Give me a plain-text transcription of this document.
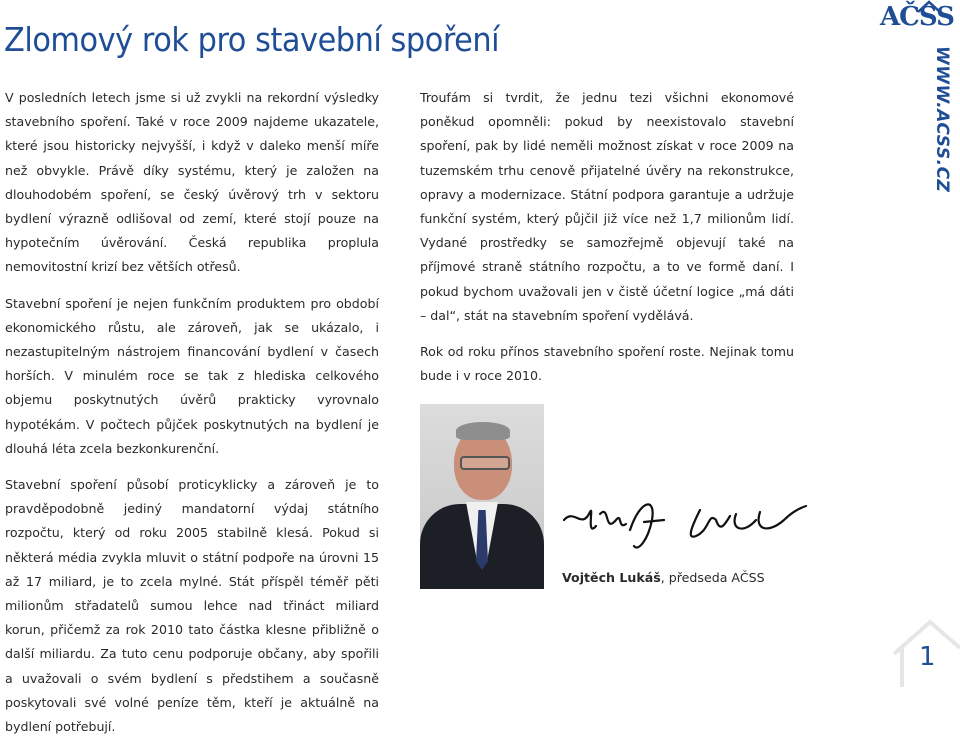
Zlomový rok pro stavební spoření
AČSS
WWW.ACSS.CZ

V posledních letech jsme si už zvykli na rekordní výsledky stavebního spoření. Také v roce 2009 najdeme ukazatele, které jsou historicky nejvyšší, i když v daleko menší míře než obvykle. Právě díky systému, který je založen na dlouhodobém spoření, se český úvěrový trh v sektoru bydlení výrazně odlišoval od zemí, které stojí pouze na hypotečním úvěrování. Česká republika proplula nemovitostní krizí bez větších otřesů.

Stavební spoření je nejen funkčním produktem pro období ekonomického růstu, ale zároveň, jak se ukázalo, i nezastupitelným nástrojem financování bydlení v časech horších. V minulém roce se tak z hlediska celkového objemu poskytnutých úvěrů prakticky vyrovnalo hypotékám. V počtech půjček poskytnutých na bydlení je dlouhá léta zcela bezkonkurenční.

Stavební spoření působí proticyklicky a zároveň je to pravděpodobně jediný mandatorní výdaj státního rozpočtu, který od roku 2005 stabilně klesá. Pokud si některá média zvykla mluvit o státní podpoře na úrovni 15 až 17 miliard, je to zcela mylné. Stát příspěl téměř pěti milionům střadatelů sumou lehce nad třináct miliard korun, přičemž za rok 2010 tato částka klesne přibližně o další miliardu. Za tuto cenu podporuje občany, aby spořili a uvažovali o svém bydlení s předstihem a současně poskytovali své volné peníze těm, kteří je aktuálně na bydlení potřebují.

Troufám si tvrdit, že jednu tezi všichni ekonomové poněkud opomněli: pokud by neexistovalo stavební spoření, pak by lidé neměli možnost získat v roce 2009 na tuzemském trhu cenově přijatelné úvěry na rekonstrukce, opravy a modernizace. Státní podpora garantuje a udržuje funkční systém, který půjčil již více než 1,7 milionům lidí. Vydané prostředky se samozřejmě objevují také na příjmové straně státního rozpočtu, a to ve formě daní. I pokud bychom uvažovali jen v čistě účetní logice „má dáti – dal“, stát na stavebním spoření vydělává.

Rok od roku přínos stavebního spoření roste. Nejinak tomu bude i v roce 2010.

Vojtěch Lukáš, předseda AČSS
1
